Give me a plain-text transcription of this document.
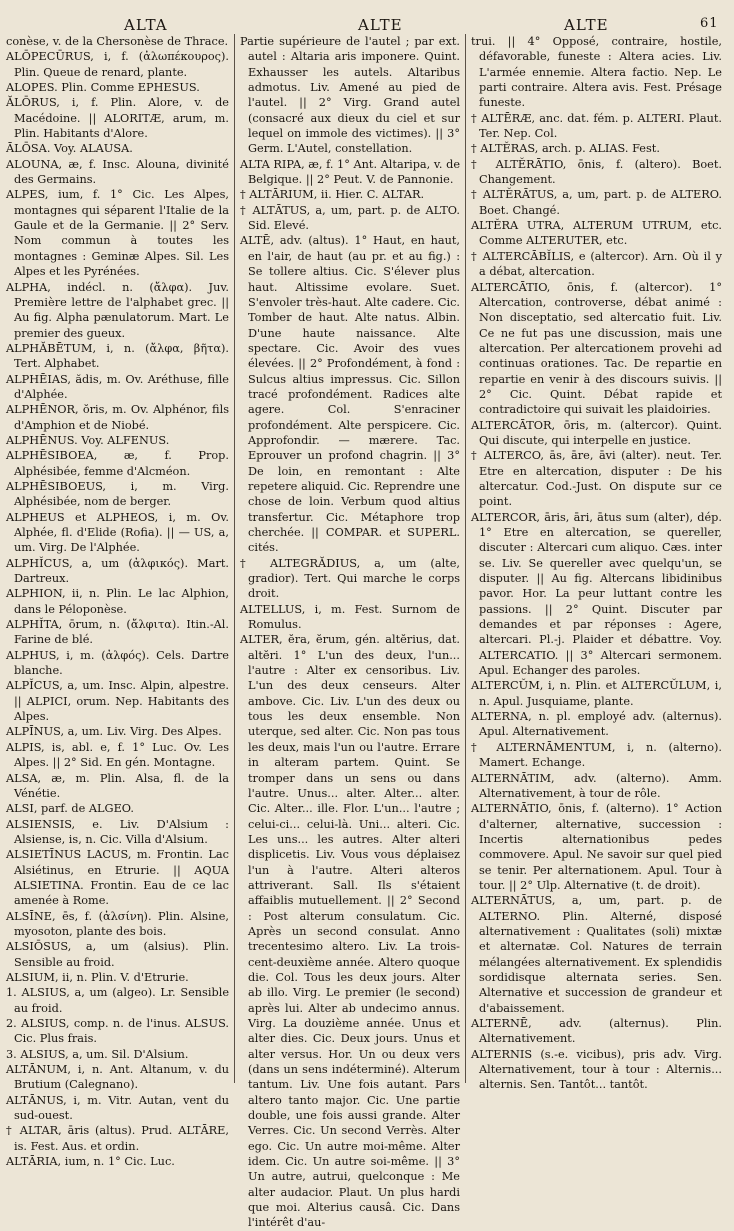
ALTA	ALTE	ALTE	61

conèse, v. de la Chersonèse de Thrace.

ALŌPECŪRUS, i, f. (ἀλωπέκουρος). Plin. Queue de renard, plante.

ALOPES. Plin. Comme EPHESUS.

ĂLŌRUS, i, f. Plin. Alore, v. de Macédoine. || ALORITÆ, arum, m. Plin. Habitants d'Alore.

ĀLŌSA. Voy. ALAUSA.

ALOUNA, æ, f. Insc. Alouna, divinité des Germains.

ALPES, ium, f. 1° Cic. Les Alpes, montagnes qui séparent l'Italie de la Gaule et de la Germanie. || 2° Serv. Nom commun à toutes les montagnes : Geminæ Alpes. Sil. Les Alpes et les Pyrénées.

ALPHA, indécl. n. (ἄλφα). Juv. Première lettre de l'alphabet grec. || Au fig. Alpha pænulatorum. Mart. Le premier des gueux.

ALPHĂBĒTUM, i, n. (ἄλφα, βῆτα). Tert. Alphabet.

ALPHĒIAS, ădis, m. Ov. Aréthuse, fille d'Alphée.

ALPHĒNOR, ŏris, m. Ov. Alphénor, fils d'Amphion et de Niobé.

ALPHĒNUS. Voy. ALFENUS.

ALPHĒSIBOEA, æ, f. Prop. Alphésibée, femme d'Alcméon.

ALPHĒSIBOEUS, i, m. Virg. Alphésibée, nom de berger.

ALPHEUS et ALPHEOS, i, m. Ov. Alphée, fl. d'Elide (Rofia). || — US, a, um. Virg. De l'Alphée.

ALPHĬCUS, a, um (ἀλφικός). Mart. Dartreux.

ALPHION, ii, n. Plin. Le lac Alphion, dans le Péloponèse.

ALPHĬTA, ōrum, n. (ἄλφιτα). Itin.-Al. Farine de blé.

ALPHUS, i, m. (ἀλφός). Cels. Dartre blanche.

ALPĬCUS, a, um. Insc. Alpin, alpestre. || ALPICI, orum. Nep. Habitants des Alpes.

ALPĪNUS, a, um. Liv. Virg. Des Alpes.

ALPIS, is, abl. e, f. 1° Luc. Ov. Les Alpes. || 2° Sid. En gén. Montagne.

ALSA, æ, m. Plin. Alsa, fl. de la Vénétie.

ALSI, parf. de ALGEO.

ALSIENSIS, e. Liv. D'Alsium : Alsiense, is, n. Cic. Villa d'Alsium.

ALSIETĪNUS LACUS, m. Frontin. Lac Alsiétinus, en Etrurie. || AQUA ALSIETINA. Frontin. Eau de ce lac amenée à Rome.

ALSĪNE, ēs, f. (ἀλσίνη). Plin. Alsine, myosoton, plante des bois.

ALSIŌSUS, a, um (alsius). Plin. Sensible au froid.

ALSIUM, ii, n. Plin. V. d'Etrurie.

1. ALSIUS, a, um (algeo). Lr. Sensible au froid.

2. ALSIUS, comp. n. de l'inus. ALSUS. Cic. Plus frais.

3. ALSIUS, a, um. Sil. D'Alsium.

ALTĀNUM, i, n. Ant. Altanum, v. du Brutium (Calegnano).

ALTĀNUS, i, m. Vitr. Autan, vent du sud-ouest.

† ALTAR, āris (altus). Prud. ALTĀRE, is. Fest. Aus. et ordin.

ALTĀRIA, ium, n. 1° Cic. Luc.

Partie supérieure de l'autel ; par ext. autel : Altaria aris imponere. Quint. Exhausser les autels. Altaribus admotus. Liv. Amené au pied de l'autel. || 2° Virg. Grand autel (consacré aux dieux du ciel et sur lequel on immole des victimes). || 3° Germ. L'Autel, constellation.

ALTA RIPA, æ, f. 1° Ant. Altaripa, v. de Belgique. || 2° Peut. V. de Pannonie.

† ALTĀRIUM, ii. Hier. C. ALTAR.

† ALTĀTUS, a, um, part. p. de ALTO. Sid. Elevé.

ALTĒ, adv. (altus). 1° Haut, en haut, en l'air, de haut (au pr. et au fig.) : Se tollere altius. Cic. S'élever plus haut. Altissime evolare. Suet. S'envoler très-haut. Alte cadere. Cic. Tomber de haut. Alte natus. Albin. D'une haute naissance. Alte spectare. Cic. Avoir des vues élevées. || 2° Profondément, à fond : Sulcus altius impressus. Cic. Sillon tracé profondément. Radices alte agere. Col. S'enraciner profondément. Alte perspicere. Cic. Approfondir. — mærere. Tac. Eprouver un profond chagrin. || 3° De loin, en remontant : Alte repetere aliquid. Cic. Reprendre une chose de loin. Verbum quod altius transfertur. Cic. Métaphore trop cherchée. || COMPAR. et SUPERL. cités.

† ALTEGRĂDIUS, a, um (alte, gradior). Tert. Qui marche le corps droit.

ALTELLUS, i, m. Fest. Surnom de Romulus.

ALTER, ĕra, ĕrum, gén. altĕrius, dat. altĕri. 1° L'un des deux, l'un... l'autre : Alter ex censoribus. Liv. L'un des deux censeurs. Alter ambove. Cic. Liv. L'un des deux ou tous les deux ensemble. Non uterque, sed alter. Cic. Non pas tous les deux, mais l'un ou l'autre. Errare in alteram partem. Quint. Se tromper dans un sens ou dans l'autre. Unus... alter. Alter... alter. Cic. Alter... ille. Flor. L'un... l'autre ; celui-ci... celui-là. Uni... alteri. Cic. Les uns... les autres. Alter alteri displicetis. Liv. Vous vous déplaisez l'un à l'autre. Alteri alteros attriverant. Sall. Ils s'étaient affaiblis mutuellement. || 2° Second : Post alterum consulatum. Cic. Après un second consulat. Anno trecentesimo altero. Liv. La trois-cent-deuxième année. Altero quoque die. Col. Tous les deux jours. Alter ab illo. Virg. Le premier (le second) après lui. Alter ab undecimo annus. Virg. La douzième année. Unus et alter dies. Cic. Deux jours. Unus et alter versus. Hor. Un ou deux vers (dans un sens indéterminé). Alterum tantum. Liv. Une fois autant. Pars altero tanto major. Cic. Une partie double, une fois aussi grande. Alter Verres. Cic. Un second Verrès. Alter ego. Cic. Un autre moi-même. Alter idem. Cic. Un autre soi-même. || 3° Un autre, autrui, quelconque : Me alter audacior. Plaut. Un plus hardi que moi. Alterius causâ. Cic. Dans l'intérêt d'au-

trui. || 4° Opposé, contraire, hostile, défavorable, funeste : Altera acies. Liv. L'armée ennemie. Altera factio. Nep. Le parti contraire. Altera avis. Fest. Présage funeste.

† ALTĒRÆ, anc. dat. fém. p. ALTERI. Plaut. Ter. Nep. Col.

† ALTĔRAS, arch. p. ALIAS. Fest.

† ALTĔRĀTIO, ōnis, f. (altero). Boet. Changement.

† ALTĔRĀTUS, a, um, part. p. de ALTERO. Boet. Changé.

ALTĔRA UTRA, ALTERUM UTRUM, etc. Comme ALTERUTER, etc.

† ALTERCĀBĬLIS, e (altercor). Arn. Où il y a débat, altercation.

ALTERCĀTIO, ōnis, f. (altercor). 1° Altercation, controverse, débat animé : Non disceptatio, sed altercatio fuit. Liv. Ce ne fut pas une discussion, mais une altercation. Per altercationem provehi ad continuas orationes. Tac. De repartie en repartie en venir à des discours suivis. || 2° Cic. Quint. Débat rapide et contradictoire qui suivait les plaidoiries.

ALTERCĀTOR, ōris, m. (altercor). Quint. Qui discute, qui interpelle en justice.

† ALTERCO, ās, āre, āvi (alter). neut. Ter. Etre en altercation, disputer : De his altercatur. Cod.-Just. On dispute sur ce point.

ALTERCOR, āris, āri, ātus sum (alter), dép. 1° Etre en altercation, se quereller, discuter : Altercari cum aliquo. Cæs. inter se. Liv. Se quereller avec quelqu'un, se disputer. || Au fig. Altercans libidinibus pavor. Hor. La peur luttant contre les passions. || 2° Quint. Discuter par demandes et par réponses : Agere, altercari. Pl.-j. Plaider et débattre. Voy. ALTERCATIO. || 3° Altercari sermonem. Apul. Echanger des paroles.

ALTERCŬM, i, n. Plin. et ALTERCŬLUM, i, n. Apul. Jusquiame, plante.

ALTERNA, n. pl. employé adv. (alternus). Apul. Alternativement.

† ALTERNĀMENTUM, i, n. (alterno). Mamert. Echange.

ALTERNĀTIM, adv. (alterno). Amm. Alternativement, à tour de rôle.

ALTERNĀTIO, ōnis, f. (alterno). 1° Action d'alterner, alternative, succession : Incertis alternationibus pedes commovere. Apul. Ne savoir sur quel pied se tenir. Per alternationem. Apul. Tour à tour. || 2° Ulp. Alternative (t. de droit).

ALTERNĀTUS, a, um, part. p. de ALTERNO. Plin. Alterné, disposé alternativement : Qualitates (soli) mixtæ et alternatæ. Col. Natures de terrain mélangées alternativement. Ex splendidis sordidisque alternata series. Sen. Alternative et succession de grandeur et d'abaissement.

ALTERNĒ, adv. (alternus). Plin. Alternativement.

ALTERNIS (s.-e. vicibus), pris adv. Virg. Alternativement, tour à tour : Alternis... alternis. Sen. Tantôt... tantôt.
